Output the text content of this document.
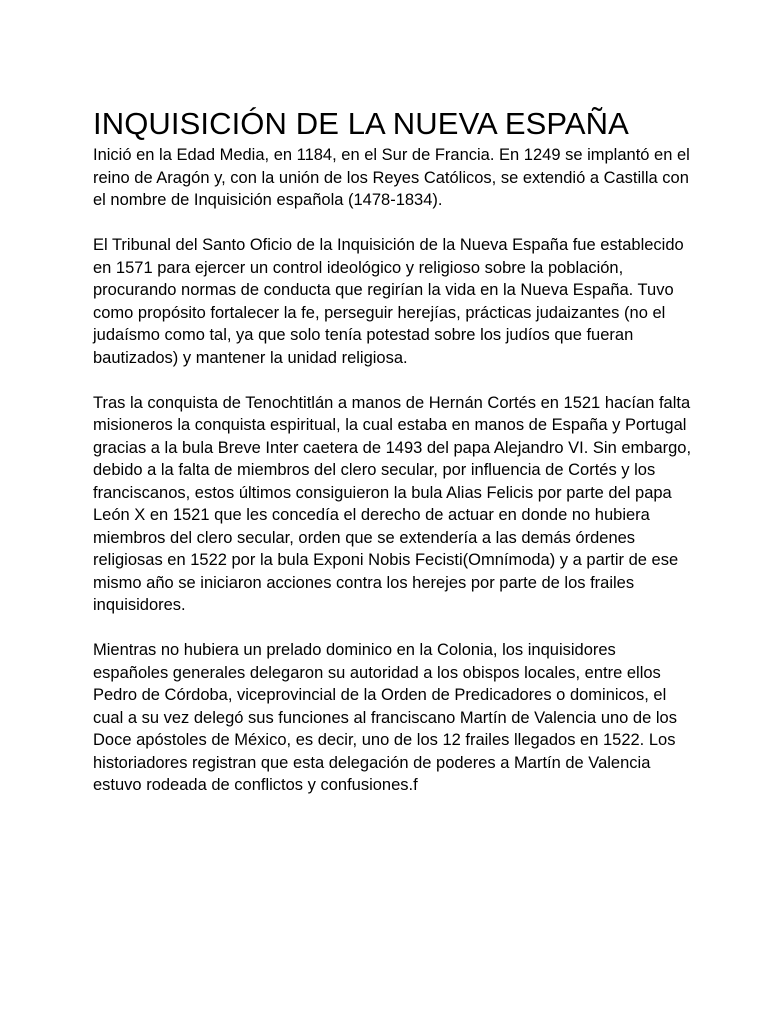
INQUISICIÓN DE LA NUEVA ESPAÑA

Inició en la Edad Media, en 1184, en el Sur de Francia. En 1249 se implantó en el reino de Aragón y, con la unión de los Reyes Católicos, se extendió a Castilla con el nombre de Inquisición española (1478-1834).

El Tribunal del Santo Oficio de la Inquisición de la Nueva España fue establecido en 1571 para ejercer un control ideológico y religioso sobre la población, procurando normas de conducta que regirían la vida en la Nueva España. Tuvo como propósito fortalecer la fe, perseguir herejías, prácticas judaizantes (no el judaísmo como tal, ya que solo tenía potestad sobre los judíos que fueran bautizados) y mantener la unidad religiosa.

Tras la conquista de Tenochtitlán a manos de Hernán Cortés en 1521 hacían falta misioneros la conquista espiritual, la cual estaba en manos de España y Portugal gracias a la bula Breve Inter caetera de 1493 del papa Alejandro VI. Sin embargo, debido a la falta de miembros del clero secular, por influencia de Cortés y los franciscanos, estos últimos consiguieron la bula Alias Felicis por parte del papa León X en 1521 que les concedía el derecho de actuar en donde no hubiera miembros del clero secular, orden que se extendería a las demás órdenes religiosas en 1522 por la bula Exponi Nobis Fecisti(Omnímoda) y a partir de ese mismo año se iniciaron acciones contra los herejes por parte de los frailes inquisidores.

Mientras no hubiera un prelado dominico en la Colonia, los inquisidores españoles generales delegaron su autoridad a los obispos locales, entre ellos Pedro de Córdoba, viceprovincial de la Orden de Predicadores o dominicos, el cual a su vez delegó sus funciones al franciscano Martín de Valencia uno de los Doce apóstoles de México, es decir, uno de los 12 frailes llegados en 1522. Los historiadores registran que esta delegación de poderes a Martín de Valencia estuvo rodeada de conflictos y confusiones.f
